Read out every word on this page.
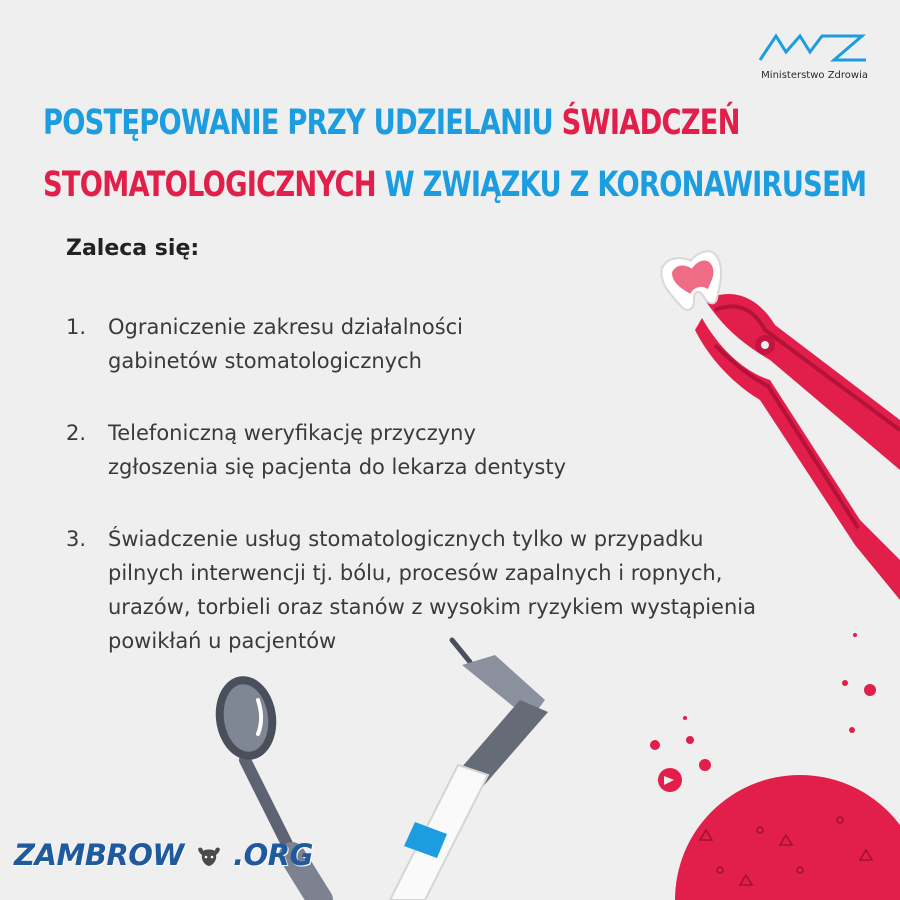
Ministerstwo Zdrowia
POSTĘPOWANIE PRZY UDZIELANIU ŚWIADCZEŃ
STOMATOLOGICZNYCH W ZWIĄZKU Z KORONAWIRUSEM
Zaleca się:
1. Ograniczenie zakresu działalności
gabinetów stomatologicznych
2. Telefoniczną weryfikację przyczyny
zgłoszenia się pacjenta do lekarza dentysty
3. Świadczenie usług stomatologicznych tylko w przypadku
pilnych interwencji tj. bólu, procesów zapalnych i ropnych,
urazów, torbieli oraz stanów z wysokim ryzykiem wystąpienia
powikłań u pacjentów
ZAMBROW .ORG
